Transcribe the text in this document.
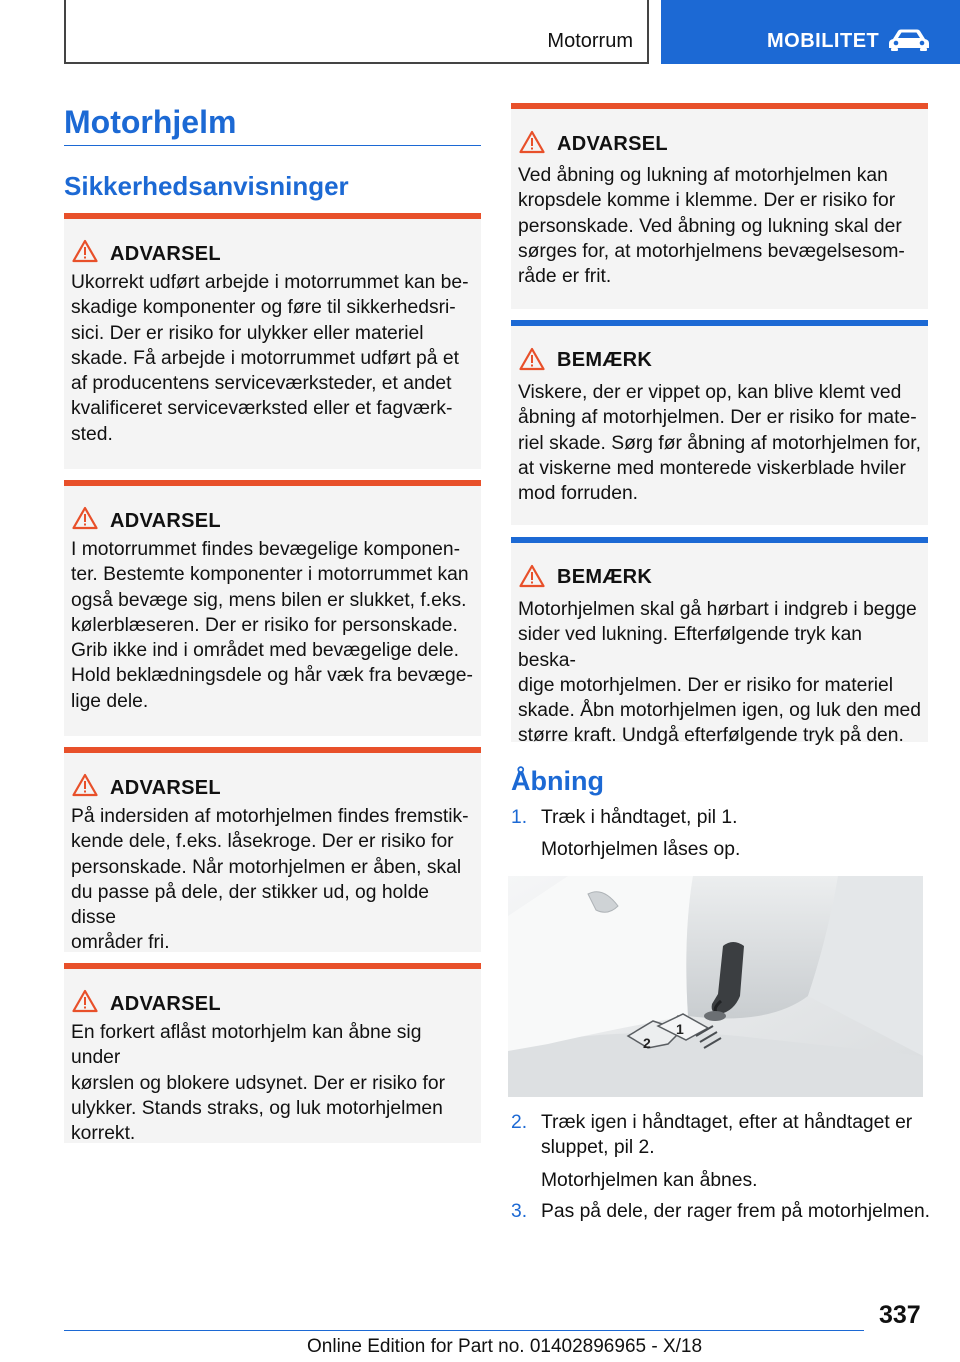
Motorrum	MOBILITET
Motorhjelm
Sikkerhedsanvisninger
ADVARSEL
Ukorrekt udført arbejde i motorrummet kan be-
skadige komponenter og føre til sikkerhedsri-
sici. Der er risiko for ulykker eller materiel
skade. Få arbejde i motorrummet udført på et
af producentens serviceværksteder, et andet
kvalificeret serviceværksted eller et fagværk-
sted.
ADVARSEL
I motorrummet findes bevægelige komponen-
ter. Bestemte komponenter i motorrummet kan
også bevæge sig, mens bilen er slukket, f.eks.
kølerblæseren. Der er risiko for personskade.
Grib ikke ind i området med bevægelige dele.
Hold beklædningsdele og hår væk fra bevæge-
lige dele.
ADVARSEL
På indersiden af motorhjelmen findes fremstik-
kende dele, f.eks. låsekroge. Der er risiko for
personskade. Når motorhjelmen er åben, skal
du passe på dele, der stikker ud, og holde disse
områder fri.
ADVARSEL
En forkert aflåst motorhjelm kan åbne sig under
kørslen og blokere udsynet. Der er risiko for
ulykker. Stands straks, og luk motorhjelmen
korrekt.
ADVARSEL
Ved åbning og lukning af motorhjelmen kan
kropsdele komme i klemme. Der er risiko for
personskade. Ved åbning og lukning skal der
sørges for, at motorhjelmens bevægelsesom-
råde er frit.
BEMÆRK
Viskere, der er vippet op, kan blive klemt ved
åbning af motorhjelmen. Der er risiko for mate-
riel skade. Sørg før åbning af motorhjelmen for,
at viskerne med monterede viskerblade hviler
mod forruden.
BEMÆRK
Motorhjelmen skal gå hørbart i indgreb i begge
sider ved lukning. Efterfølgende tryk kan beska-
dige motorhjelmen. Der er risiko for materiel
skade. Åbn motorhjelmen igen, og luk den med
større kraft. Undgå efterfølgende tryk på den.
Åbning
1. Træk i håndtaget, pil 1.
Motorhjelmen låses op.
1
2
2. Træk igen i håndtaget, efter at håndtaget er
sluppet, pil 2.
Motorhjelmen kan åbnes.
3. Pas på dele, der rager frem på motorhjelmen.
337
Online Edition for Part no. 01402896965 - X/18
